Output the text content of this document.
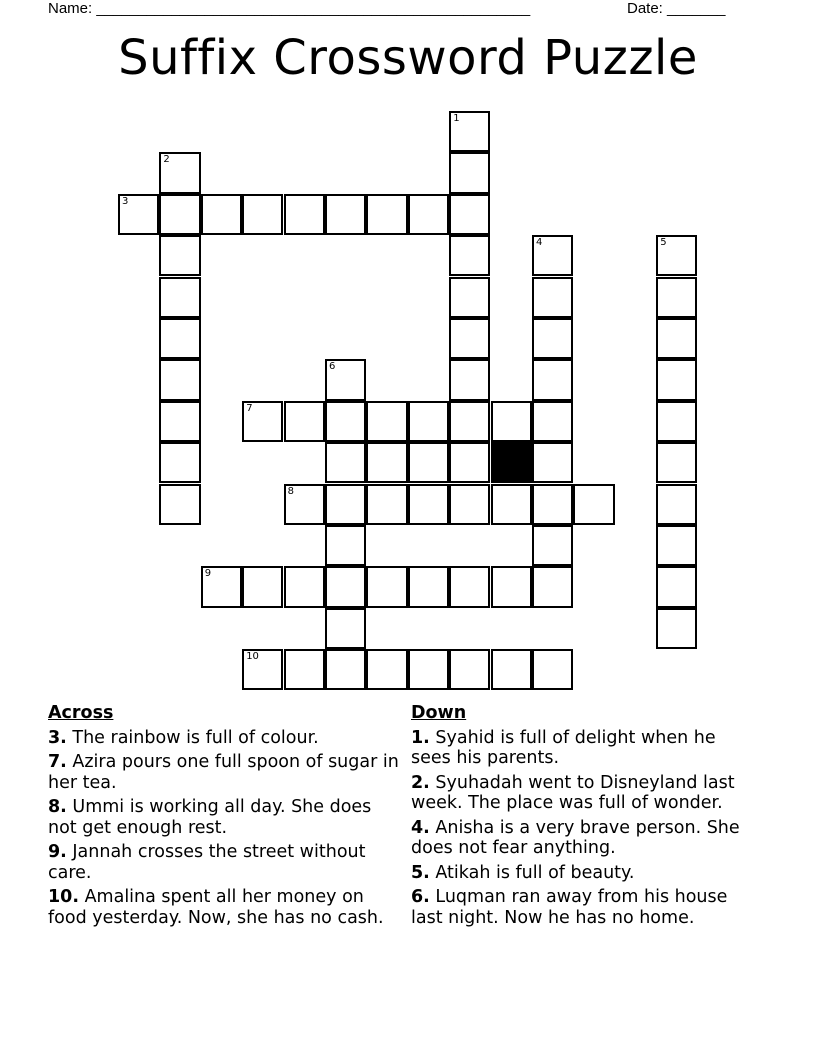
Name: ____________________________________________________	Date: _______
Suffix Crossword Puzzle
1
2
3
4	5
6
7
8
9
10
Across
3. The rainbow is full of colour.
7. Azira pours one full spoon of sugar in her tea.
8. Ummi is working all day. She does not get enough rest.
9. Jannah crosses the street without care.
10. Amalina spent all her money on food yesterday. Now, she has no cash.
Down
1. Syahid is full of delight when he sees his parents.
2. Syuhadah went to Disneyland last week. The place was full of wonder.
4. Anisha is a very brave person. She does not fear anything.
5. Atikah is full of beauty.
6. Luqman ran away from his house last night. Now he has no home.
